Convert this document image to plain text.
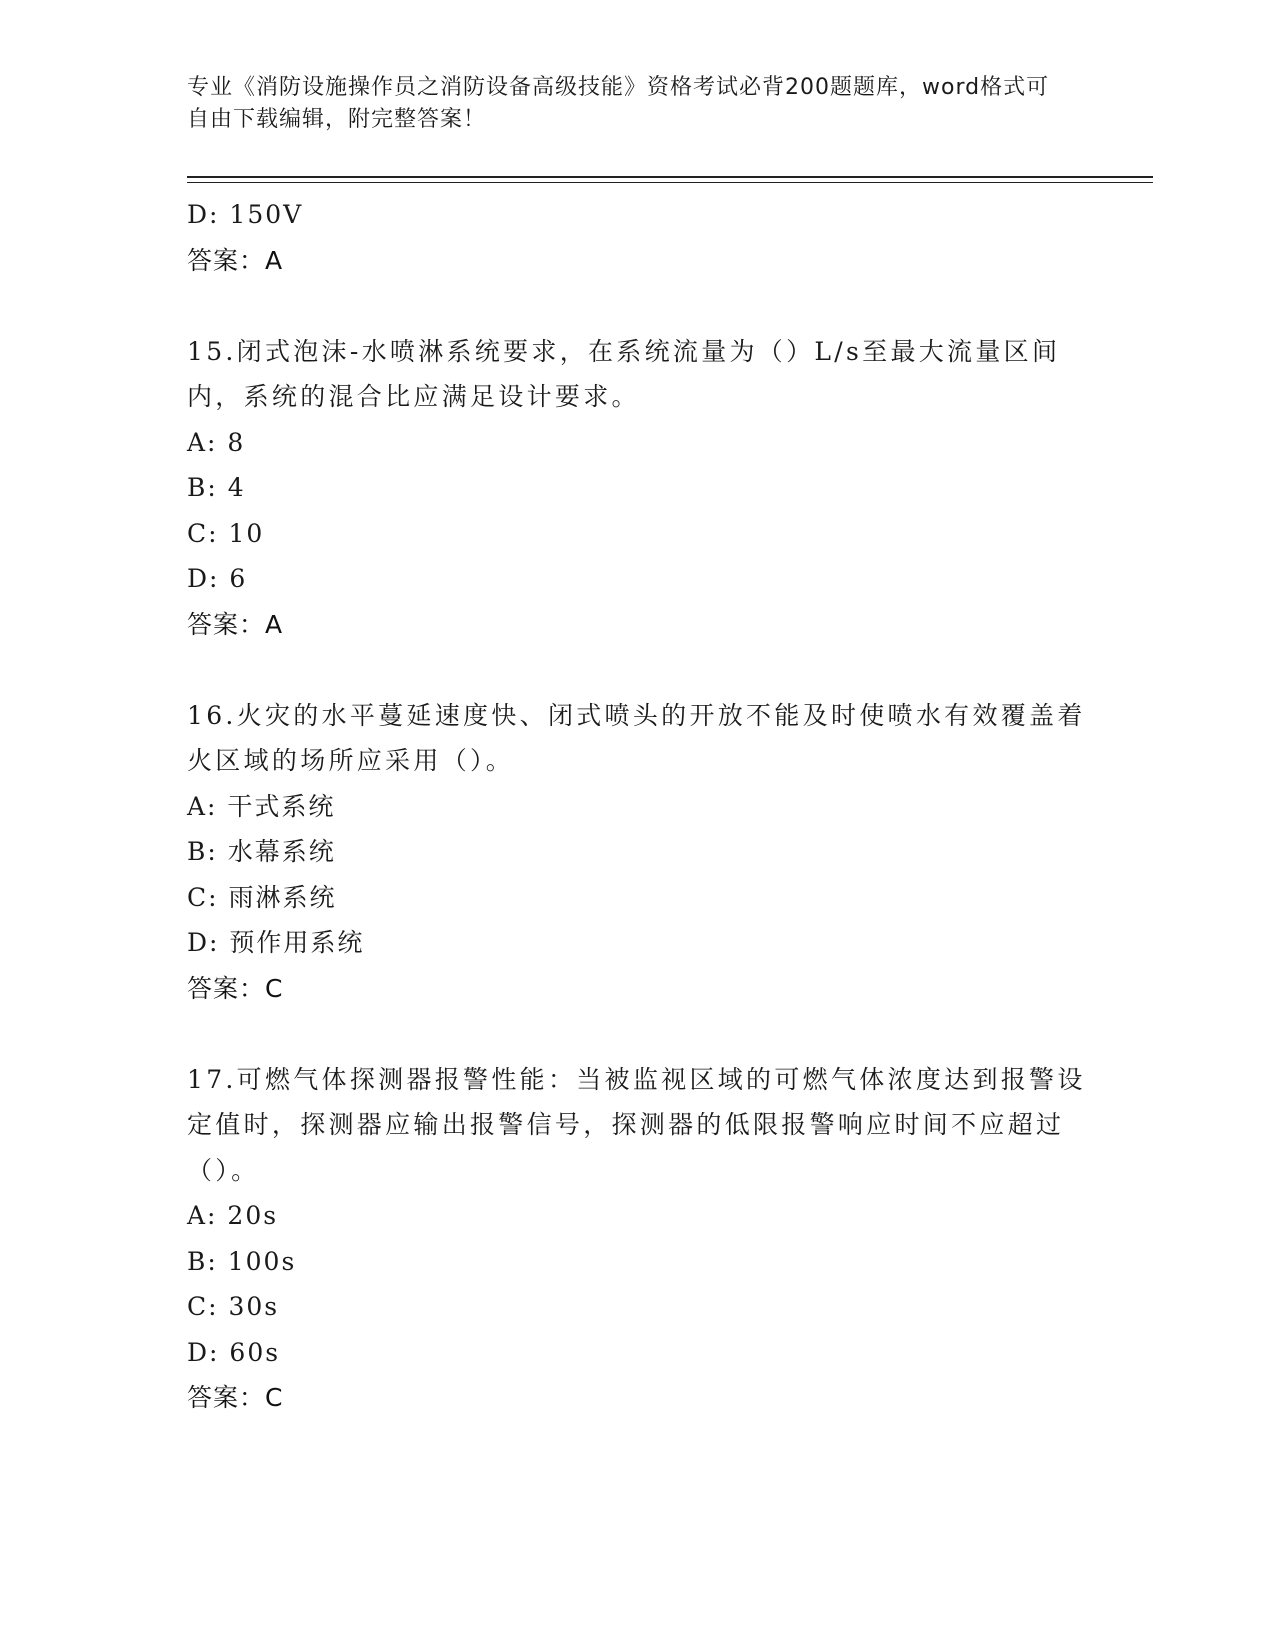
专业《消防设施操作员之消防设备高级技能》资格考试必背200题题库，word格式可自由下载编辑，附完整答案！
D: 150V
答案：A
15.闭式泡沫-水喷淋系统要求，在系统流量为（）L/s至最大流量区间内，系统的混合比应满足设计要求。
A: 8
B: 4
C: 10
D: 6
答案：A
16.火灾的水平蔓延速度快、闭式喷头的开放不能及时使喷水有效覆盖着火区域的场所应采用（）。
A: 干式系统
B: 水幕系统
C: 雨淋系统
D: 预作用系统
答案：C
17.可燃气体探测器报警性能：当被监视区域的可燃气体浓度达到报警设定值时，探测器应输出报警信号，探测器的低限报警响应时间不应超过（）。
A: 20s
B: 100s
C: 30s
D: 60s
答案：C
